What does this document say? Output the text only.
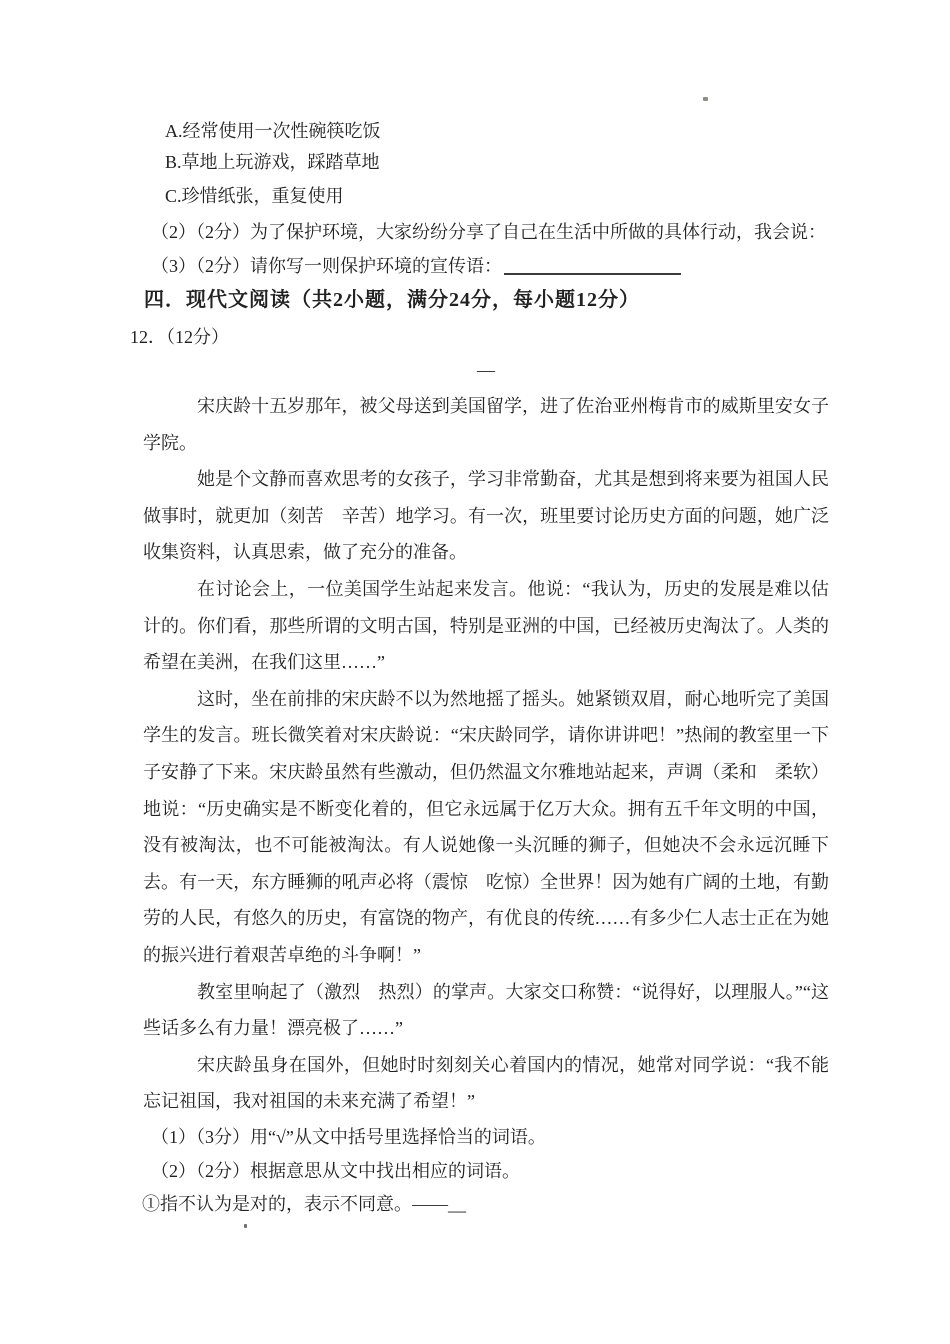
A.经常使用一次性碗筷吃饭
B.草地上玩游戏，踩踏草地
C.珍惜纸张，重复使用
（2）（2分）为了保护环境，大家纷纷分享了自己在生活中所做的具体行动，我会说：
（3）（2分）请你写一则保护环境的宣传语：
四．现代文阅读（共2小题，满分24分，每小题12分）
12．（12分）
—

宋庆龄十五岁那年，被父母送到美国留学，进了佐治亚州梅肯市的威斯里安女子学院。

她是个文静而喜欢思考的女孩子，学习非常勤奋，尤其是想到将来要为祖国人民做事时，就更加（刻苦　辛苦）地学习。有一次，班里要讨论历史方面的问题，她广泛收集资料，认真思索，做了充分的准备。

在讨论会上，一位美国学生站起来发言。他说：“我认为，历史的发展是难以估计的。你们看，那些所谓的文明古国，特别是亚洲的中国，已经被历史淘汰了。人类的希望在美洲，在我们这里……”

这时，坐在前排的宋庆龄不以为然地摇了摇头。她紧锁双眉，耐心地听完了美国学生的发言。班长微笑着对宋庆龄说：“宋庆龄同学，请你讲讲吧！”热闹的教室里一下子安静了下来。宋庆龄虽然有些激动，但仍然温文尔雅地站起来，声调（柔和　柔软）地说：“历史确实是不断变化着的，但它永远属于亿万大众。拥有五千年文明的中国，没有被淘汰，也不可能被淘汰。有人说她像一头沉睡的狮子，但她决不会永远沉睡下去。有一天，东方睡狮的吼声必将（震惊　吃惊）全世界！因为她有广阔的土地，有勤劳的人民，有悠久的历史，有富饶的物产，有优良的传统……有多少仁人志士正在为她的振兴进行着艰苦卓绝的斗争啊！”

教室里响起了（激烈　热烈）的掌声。大家交口称赞：“说得好，以理服人。”“这些话多么有力量！漂亮极了……”

宋庆龄虽身在国外，但她时时刻刻关心着国内的情况，她常对同学说：“我不能忘记祖国，我对祖国的未来充满了希望！”

（1）（3分）用“√”从文中括号里选择恰当的词语。
（2）（2分）根据意思从文中找出相应的词语。
①指不认为是对的，表示不同意。——__
